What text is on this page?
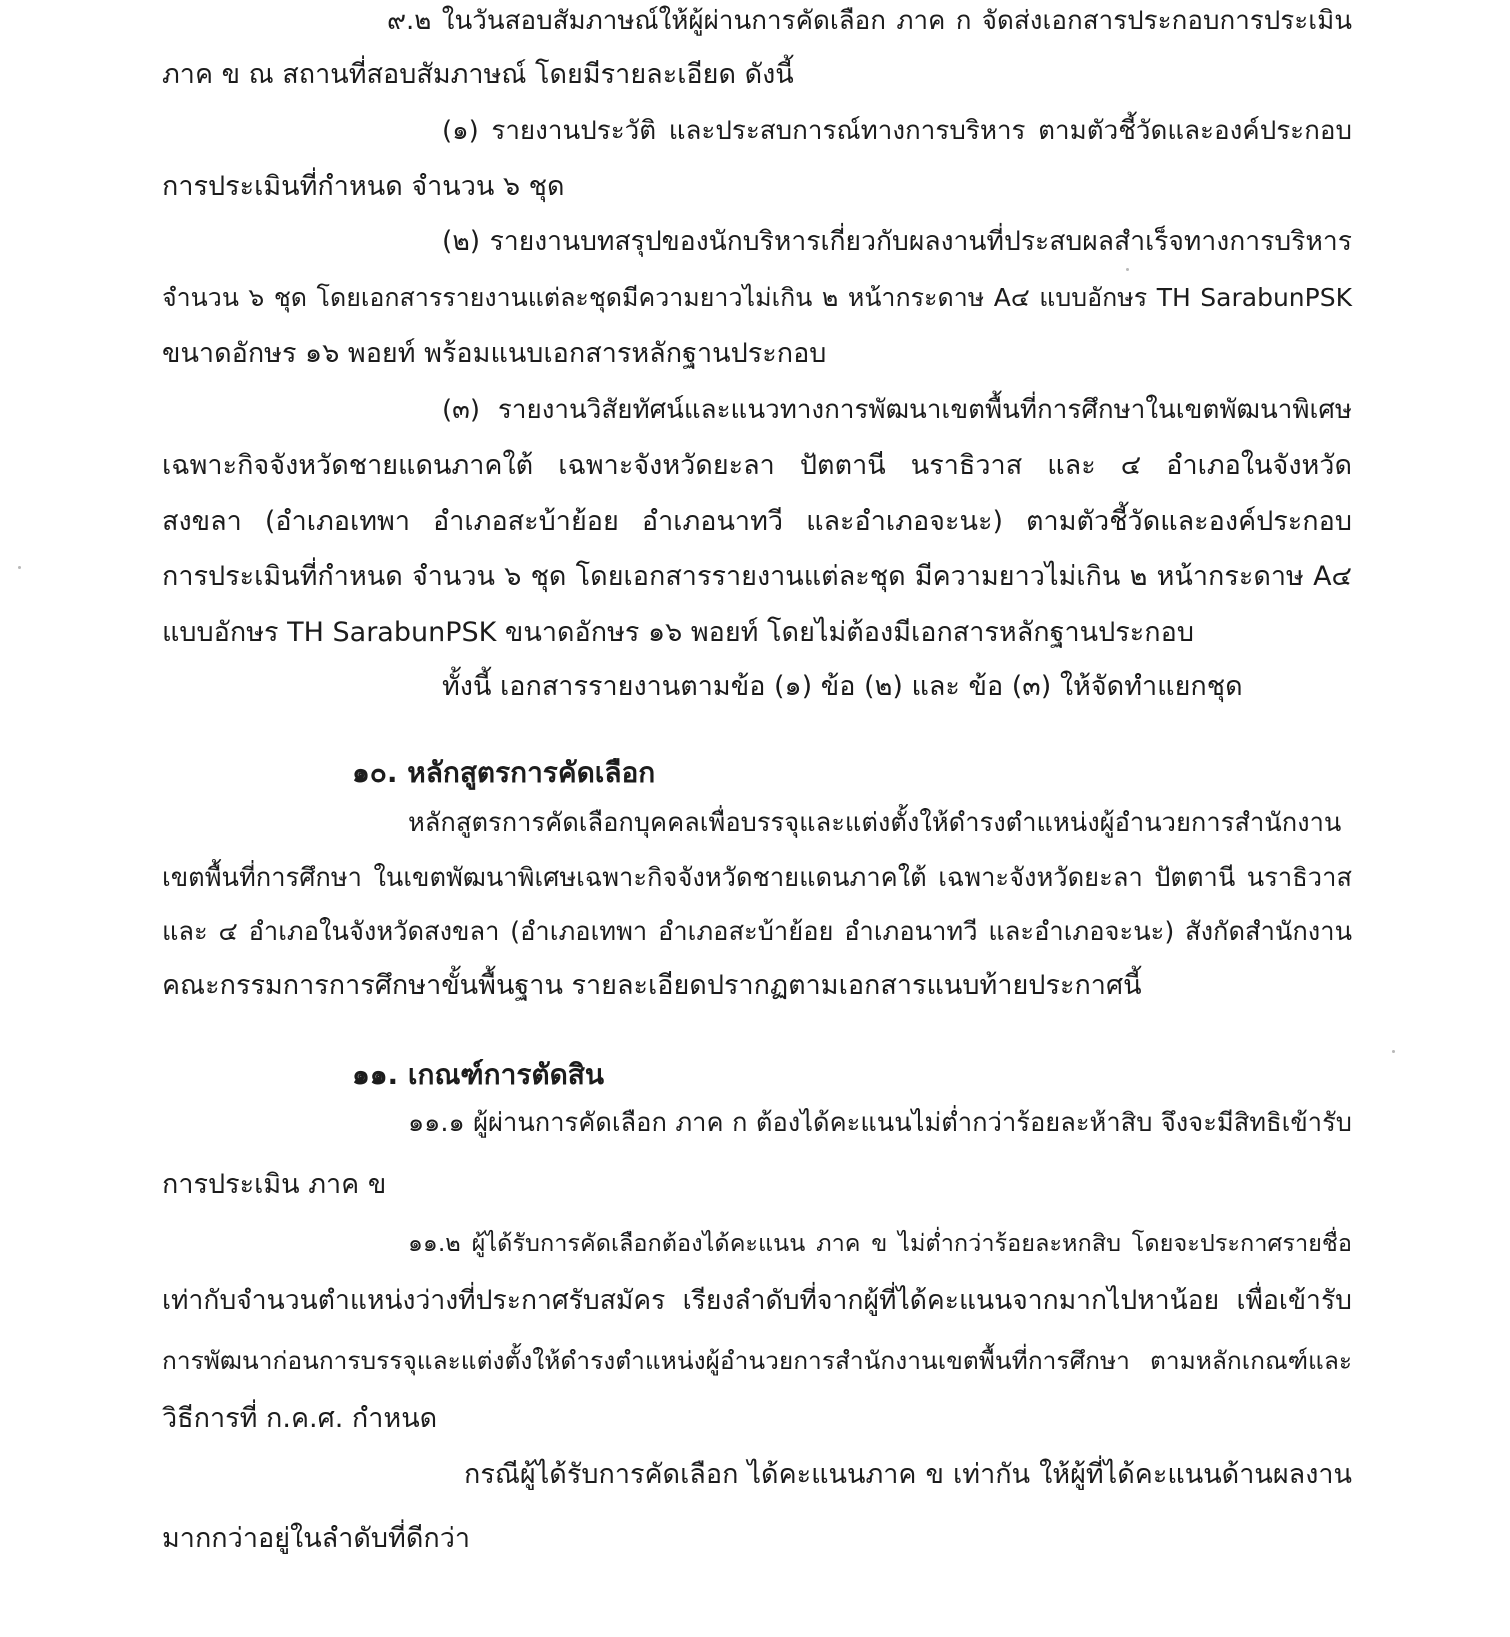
๙.๒ ในวันสอบสัมภาษณ์ให้ผู้ผ่านการคัดเลือก ภาค ก จัดส่งเอกสารประกอบการประเมิน
ภาค ข ณ สถานที่สอบสัมภาษณ์ โดยมีรายละเอียด ดังนี้
(๑) รายงานประวัติ และประสบการณ์ทางการบริหาร ตามตัวชี้วัดและองค์ประกอบ
การประเมินที่กำหนด จำนวน ๖ ชุด
(๒) รายงานบทสรุปของนักบริหารเกี่ยวกับผลงานที่ประสบผลสำเร็จทางการบริหาร
จำนวน ๖ ชุด โดยเอกสารรายงานแต่ละชุดมีความยาวไม่เกิน ๒ หน้ากระดาษ A๔ แบบอักษร TH SarabunPSK
ขนาดอักษร ๑๖ พอยท์ พร้อมแนบเอกสารหลักฐานประกอบ
(๓) รายงานวิสัยทัศน์และแนวทางการพัฒนาเขตพื้นที่การศึกษาในเขตพัฒนาพิเศษ
เฉพาะกิจจังหวัดชายแดนภาคใต้ เฉพาะจังหวัดยะลา ปัตตานี นราธิวาส และ ๔ อำเภอในจังหวัด
สงขลา (อำเภอเทพา อำเภอสะบ้าย้อย อำเภอนาทวี และอำเภอจะนะ) ตามตัวชี้วัดและองค์ประกอบ
การประเมินที่กำหนด จำนวน ๖ ชุด โดยเอกสารรายงานแต่ละชุด มีความยาวไม่เกิน ๒ หน้ากระดาษ A๔
แบบอักษร TH SarabunPSK ขนาดอักษร ๑๖ พอยท์ โดยไม่ต้องมีเอกสารหลักฐานประกอบ
ทั้งนี้ เอกสารรายงานตามข้อ (๑) ข้อ (๒) และ ข้อ (๓) ให้จัดทำแยกชุด
๑๐. หลักสูตรการคัดเลือก
หลักสูตรการคัดเลือกบุคคลเพื่อบรรจุและแต่งตั้งให้ดำรงตำแหน่งผู้อำนวยการสำนักงาน
เขตพื้นที่การศึกษา ในเขตพัฒนาพิเศษเฉพาะกิจจังหวัดชายแดนภาคใต้ เฉพาะจังหวัดยะลา ปัตตานี นราธิวาส
และ ๔ อำเภอในจังหวัดสงขลา (อำเภอเทพา อำเภอสะบ้าย้อย อำเภอนาทวี และอำเภอจะนะ) สังกัดสำนักงาน
คณะกรรมการการศึกษาขั้นพื้นฐาน รายละเอียดปรากฏตามเอกสารแนบท้ายประกาศนี้
๑๑. เกณฑ์การตัดสิน
๑๑.๑ ผู้ผ่านการคัดเลือก ภาค ก ต้องได้คะแนนไม่ต่ำกว่าร้อยละห้าสิบ จึงจะมีสิทธิเข้ารับ
การประเมิน ภาค ข
๑๑.๒ ผู้ได้รับการคัดเลือกต้องได้คะแนน ภาค ข ไม่ต่ำกว่าร้อยละหกสิบ โดยจะประกาศรายชื่อ
เท่ากับจำนวนตำแหน่งว่างที่ประกาศรับสมัคร เรียงลำดับที่จากผู้ที่ได้คะแนนจากมากไปหาน้อย เพื่อเข้ารับ
การพัฒนาก่อนการบรรจุและแต่งตั้งให้ดำรงตำแหน่งผู้อำนวยการสำนักงานเขตพื้นที่การศึกษา ตามหลักเกณฑ์และ
วิธีการที่ ก.ค.ศ. กำหนด
กรณีผู้ได้รับการคัดเลือก ได้คะแนนภาค ข เท่ากัน ให้ผู้ที่ได้คะแนนด้านผลงาน
มากกว่าอยู่ในลำดับที่ดีกว่า
